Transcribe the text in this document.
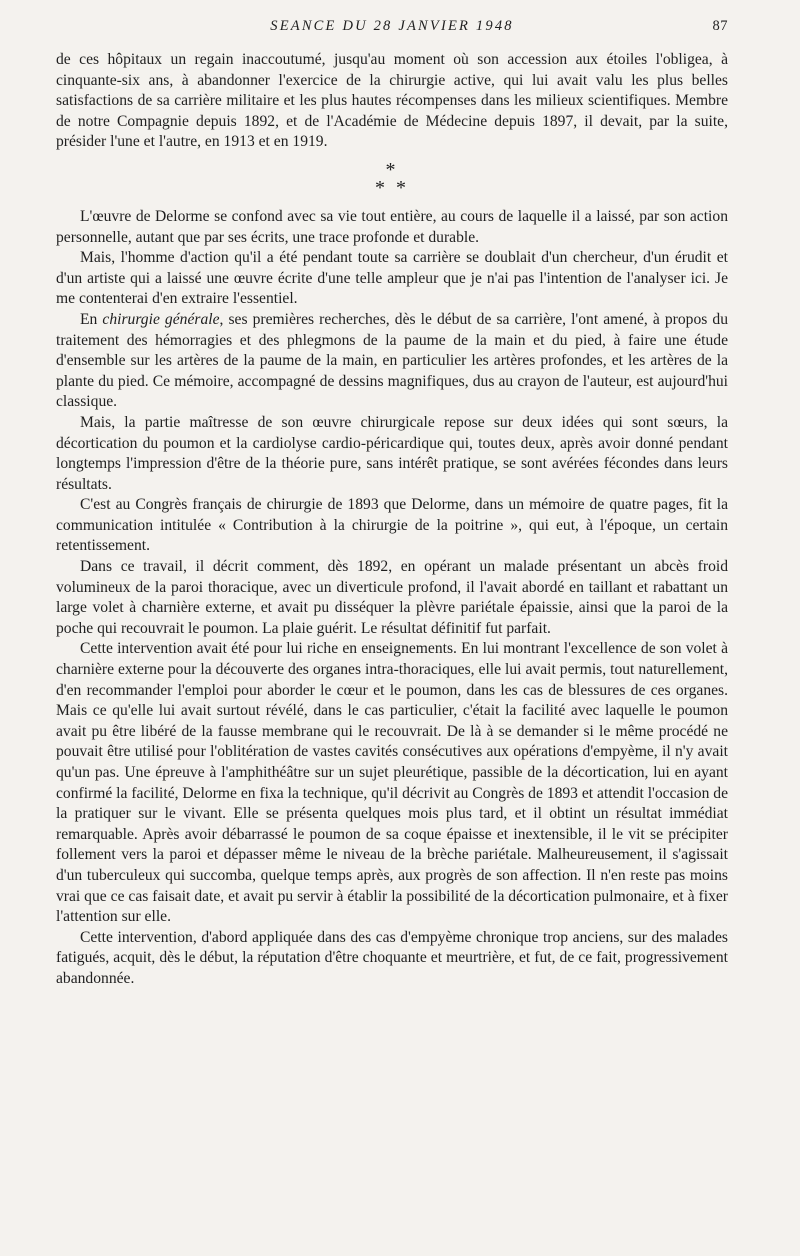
SEANCE DU 28 JANVIER 1948	87

de ces hôpitaux un regain inaccoutumé, jusqu'au moment où son accession aux étoiles l'obligea, à cinquante-six ans, à abandonner l'exercice de la chirurgie active, qui lui avait valu les plus belles satisfactions de sa carrière militaire et les plus hautes récompenses dans les milieux scientifiques. Membre de notre Compagnie depuis 1892, et de l'Académie de Médecine depuis 1897, il devait, par la suite, présider l'une et l'autre, en 1913 et en 1919.

*
* *

L'œuvre de Delorme se confond avec sa vie tout entière, au cours de laquelle il a laissé, par son action personnelle, autant que par ses écrits, une trace profonde et durable.

Mais, l'homme d'action qu'il a été pendant toute sa carrière se doublait d'un chercheur, d'un érudit et d'un artiste qui a laissé une œuvre écrite d'une telle ampleur que je n'ai pas l'intention de l'analyser ici. Je me contenterai d'en extraire l'essentiel.

En chirurgie générale, ses premières recherches, dès le début de sa carrière, l'ont amené, à propos du traitement des hémorragies et des phlegmons de la paume de la main et du pied, à faire une étude d'ensemble sur les artères de la paume de la main, en particulier les artères profondes, et les artères de la plante du pied. Ce mémoire, accompagné de dessins magnifiques, dus au crayon de l'auteur, est aujourd'hui classique.

Mais, la partie maîtresse de son œuvre chirurgicale repose sur deux idées qui sont sœurs, la décortication du poumon et la cardiolyse cardio-péricardique qui, toutes deux, après avoir donné pendant longtemps l'impression d'être de la théorie pure, sans intérêt pratique, se sont avérées fécondes dans leurs résultats.

C'est au Congrès français de chirurgie de 1893 que Delorme, dans un mémoire de quatre pages, fit la communication intitulée « Contribution à la chirurgie de la poitrine », qui eut, à l'époque, un certain retentissement.

Dans ce travail, il décrit comment, dès 1892, en opérant un malade présentant un abcès froid volumineux de la paroi thoracique, avec un diverticule profond, il l'avait abordé en taillant et rabattant un large volet à charnière externe, et avait pu disséquer la plèvre pariétale épaissie, ainsi que la paroi de la poche qui recouvrait le poumon. La plaie guérit. Le résultat définitif fut parfait.

Cette intervention avait été pour lui riche en enseignements. En lui montrant l'excellence de son volet à charnière externe pour la découverte des organes intra-thoraciques, elle lui avait permis, tout naturellement, d'en recommander l'emploi pour aborder le cœur et le poumon, dans les cas de blessures de ces organes. Mais ce qu'elle lui avait surtout révélé, dans le cas particulier, c'était la facilité avec laquelle le poumon avait pu être libéré de la fausse membrane qui le recouvrait. De là à se demander si le même procédé ne pouvait être utilisé pour l'oblitération de vastes cavités consécutives aux opérations d'empyème, il n'y avait qu'un pas. Une épreuve à l'amphithéâtre sur un sujet pleurétique, passible de la décortication, lui en ayant confirmé la facilité, Delorme en fixa la technique, qu'il décrivit au Congrès de 1893 et attendit l'occasion de la pratiquer sur le vivant. Elle se présenta quelques mois plus tard, et il obtint un résultat immédiat remarquable. Après avoir débarrassé le poumon de sa coque épaisse et inextensible, il le vit se précipiter follement vers la paroi et dépasser même le niveau de la brèche pariétale. Malheureusement, il s'agissait d'un tuberculeux qui succomba, quelque temps après, aux progrès de son affection. Il n'en reste pas moins vrai que ce cas faisait date, et avait pu servir à établir la possibilité de la décortication pulmonaire, et à fixer l'attention sur elle.

Cette intervention, d'abord appliquée dans des cas d'empyème chronique trop anciens, sur des malades fatigués, acquit, dès le début, la réputation d'être choquante et meurtrière, et fut, de ce fait, progressivement abandonnée.
